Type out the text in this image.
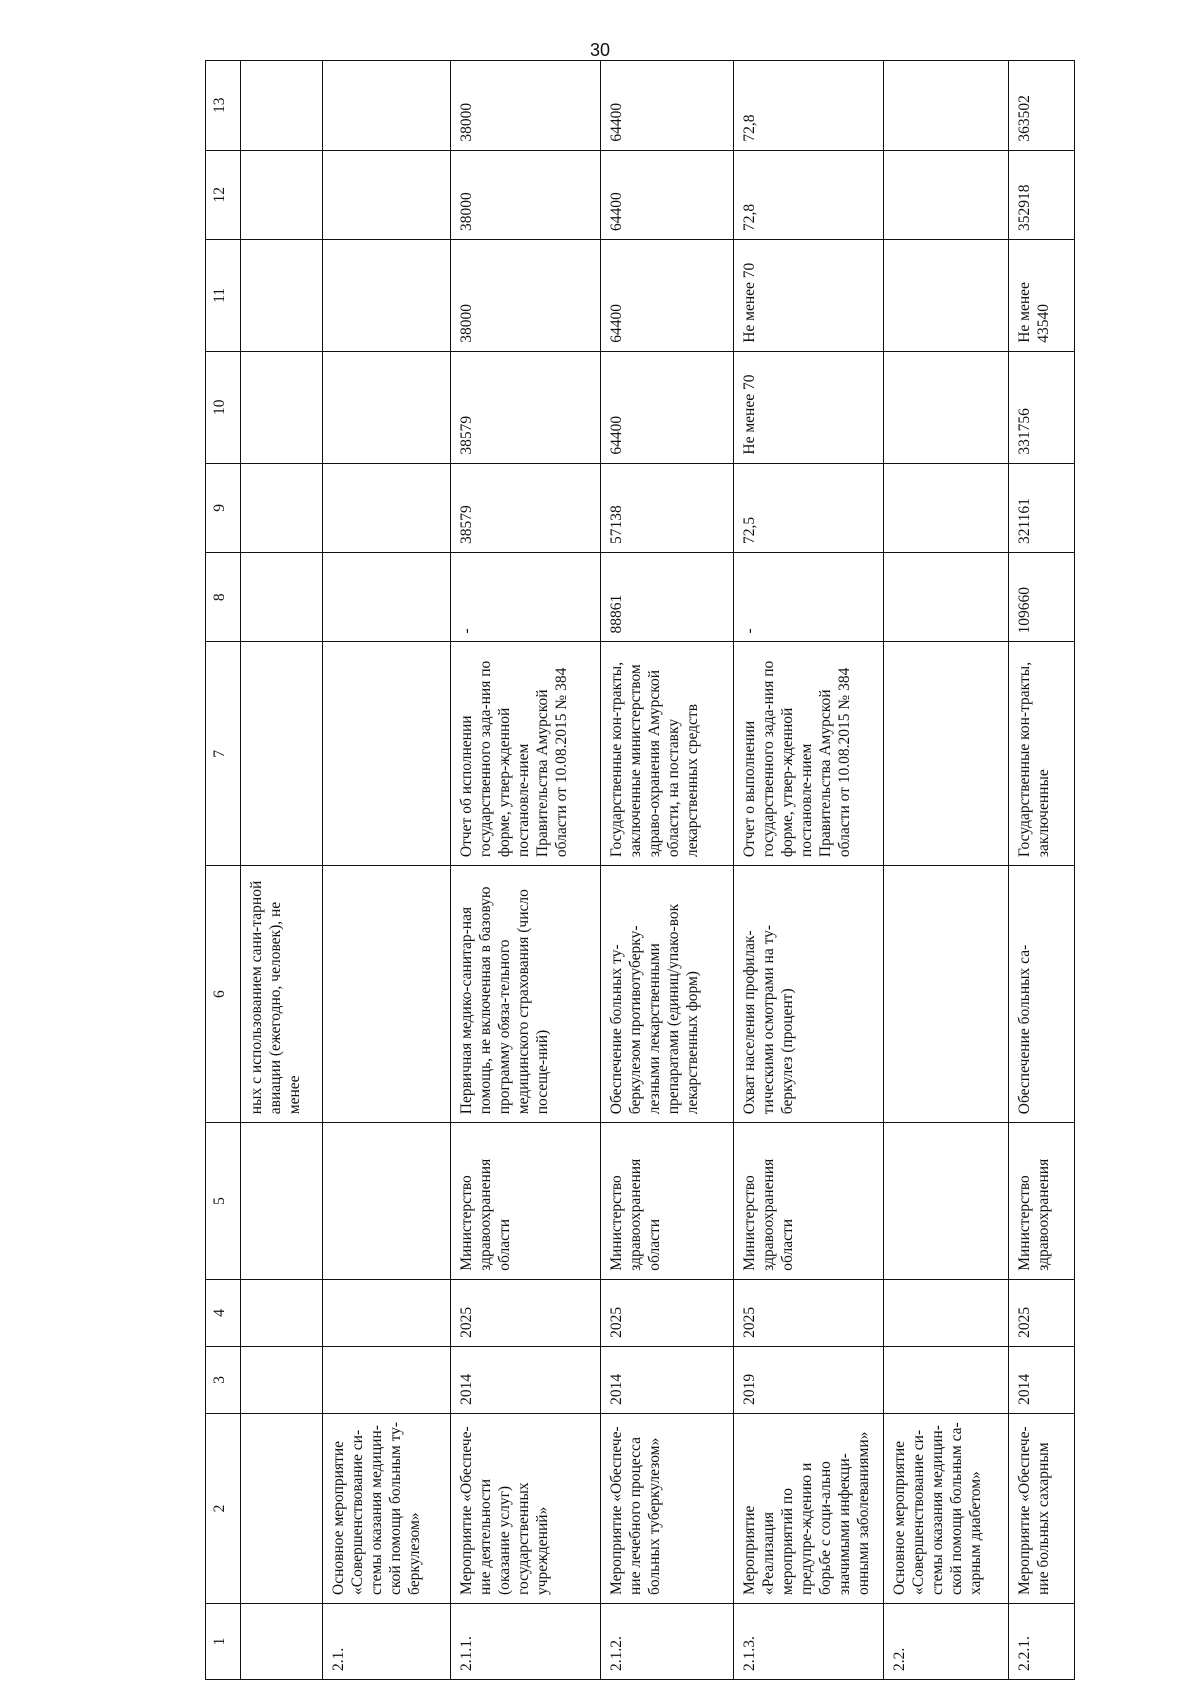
30
1	2	3	4	5	6	7	8	9	10	11	12	13
					ных с использованием сани-тарной авиации (ежегодно, человек), не менее							
2.1.	Основное мероприятие «Совершенствование си-стемы оказания медицин-ской помощи больным ту-беркулезом»											
2.1.1.	Мероприятие «Обеспече-ние деятельности (оказание услуг) государственных учреждений»	2014	2025	Министерство здравоохранения области	Первичная медико-санитар-ная помощь, не включенная в базовую программу обяза-тельного медицинского страхования (число посеще-ний)	Отчет об исполнении государственного зада-ния по форме, утвер-жденной постановле-нием Правительства Амурской области от 10.08.2015 № 384	-	38579	38579	38000	38000	38000
2.1.2.	Мероприятие «Обеспече-ние лечебного процесса больных туберкулезом»	2014	2025	Министерство здравоохранения области	Обеспечение больных ту-беркулезом противотуберку-лезными лекарственными препаратами (единиц/упако-вок лекарственных форм)	Государственные кон-тракты, заключенные министерством здраво-охранения Амурской области, на поставку лекарственных средств	88861	57138	64400	64400	64400	64400
2.1.3.	Мероприятие «Реализация мероприятий по предупре-ждению и борьбе с соци-ально значимыми инфекци-онными заболеваниями»	2019	2025	Министерство здравоохранения области	Охват населения профилак-тическими осмотрами на ту-беркулез (процент)	Отчет о выполнении государственного зада-ния по форме, утвер-жденной постановле-нием Правительства Амурской области от 10.08.2015 № 384	-	72,5	Не менее 70	Не менее 70	72,8	72,8
2.2.	Основное мероприятие «Совершенствование си-стемы оказания медицин-ской помощи больным са-харным диабетом»											
2.2.1.	Мероприятие «Обеспече-ние больных сахарным	2014	2025	Министерство здравоохранения	Обеспечение больных са-	Государственные кон-тракты, заключенные	109660	321161	331756	Не менее 43540	352918	363502
